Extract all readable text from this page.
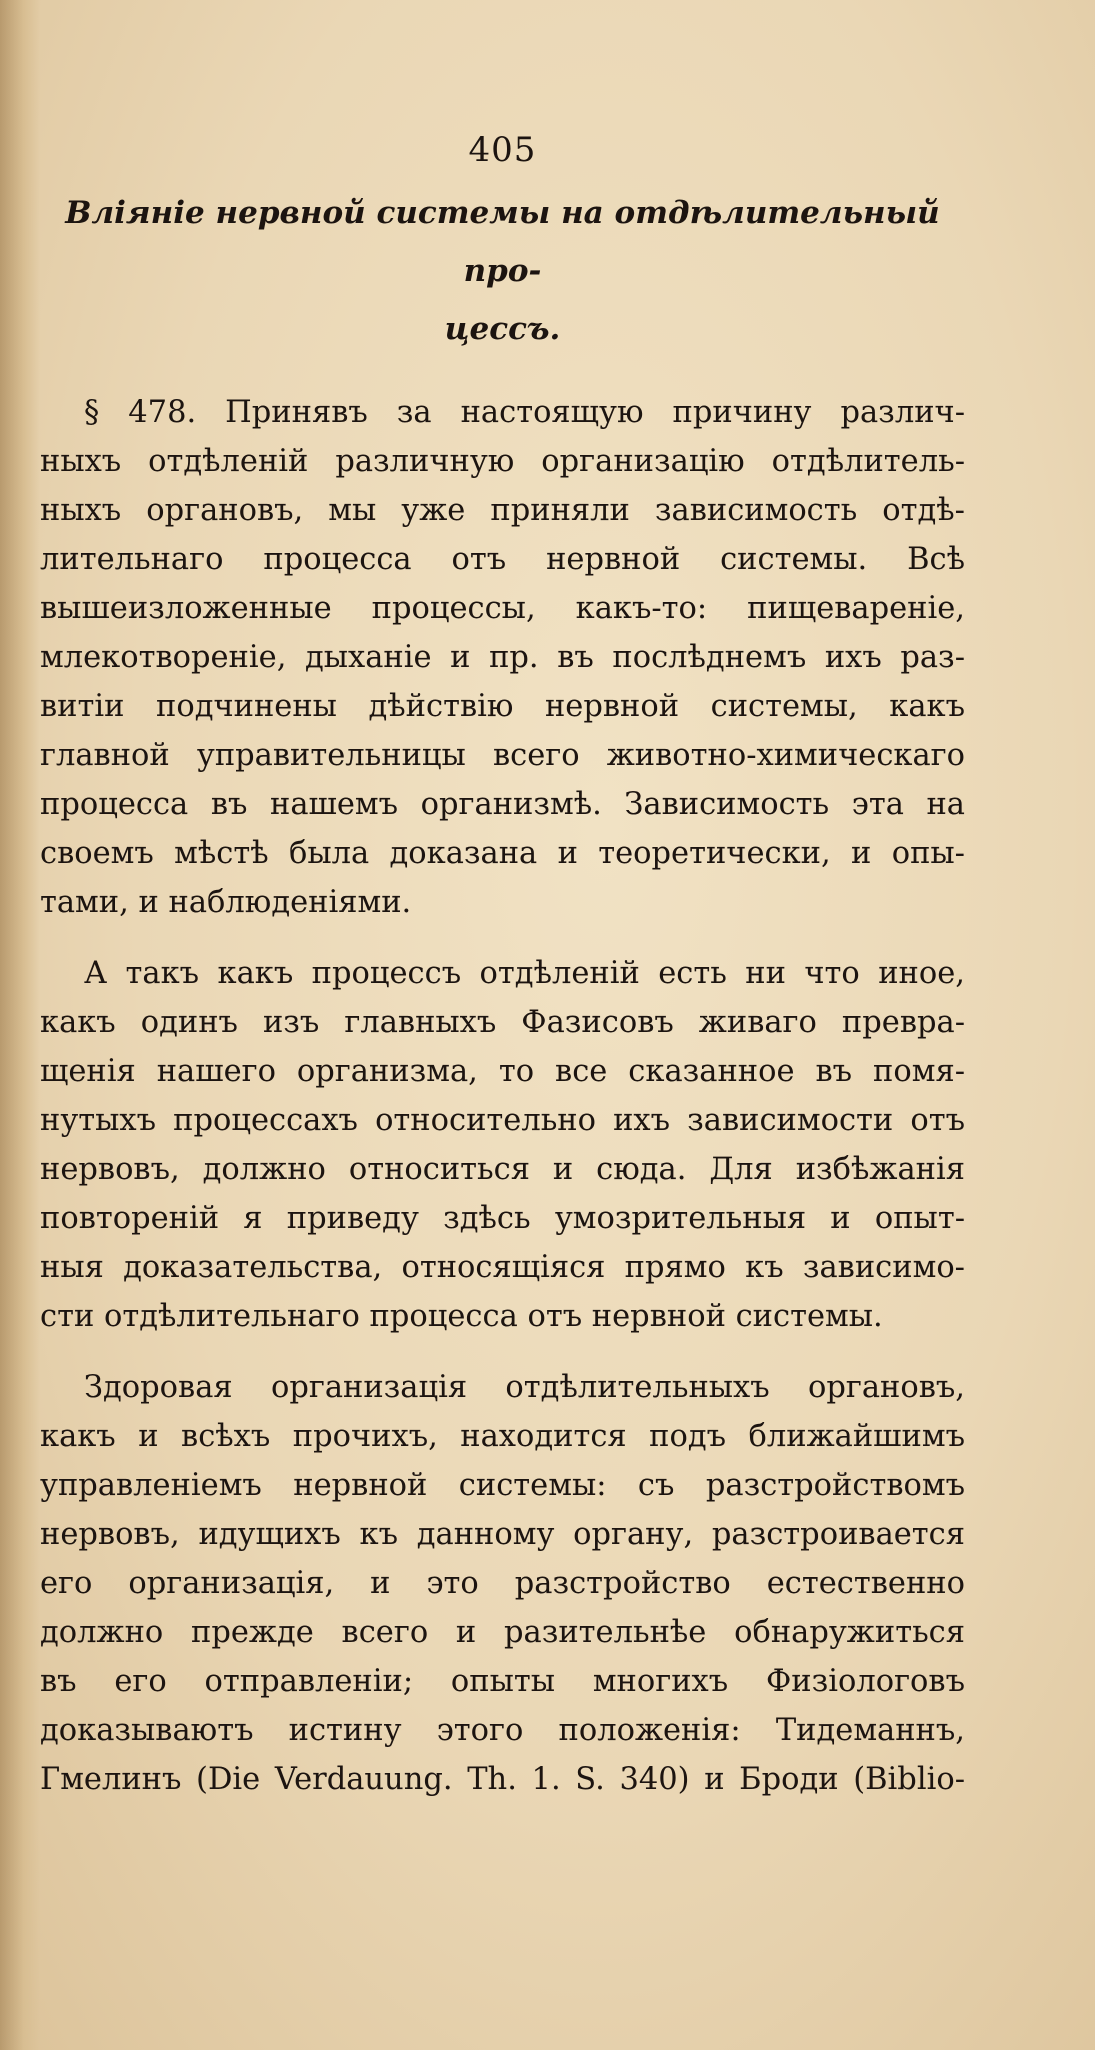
405
Вліяніе нервной системы на отдѣлительный про-
цессъ.
§ 478. Принявъ за настоящую причину различ-
ныхъ отдѣленій различную организацію отдѣлитель-
ныхъ органовъ, мы уже приняли зависимость отдѣ-
лительнаго процесса отъ нервной системы. Всѣ
вышеизложенные процессы, какъ-то: пищевареніе,
млекотвореніе, дыханіе и пр. въ послѣднемъ ихъ раз-
витіи подчинены дѣйствію нервной системы, какъ
главной управительницы всего животно-химическаго
процесса въ нашемъ организмѣ. Зависимость эта на
своемъ мѣстѣ была доказана и теоретически, и опы-
тами, и наблюденіями.
А такъ какъ процессъ отдѣленій есть ни что иное,
какъ одинъ изъ главныхъ Фазисовъ живаго превра-
щенія нашего организма, то все сказанное въ помя-
нутыхъ процессахъ относительно ихъ зависимости отъ
нервовъ, должно относиться и сюда. Для избѣжанія
повтореній я приведу здѣсь умозрительныя и опыт-
ныя доказательства, относящіяся прямо къ зависимо-
сти отдѣлительнаго процесса отъ нервной системы.
Здоровая организація отдѣлительныхъ органовъ,
какъ и всѣхъ прочихъ, находится подъ ближайшимъ
управленіемъ нервной системы: съ разстройствомъ
нервовъ, идущихъ къ данному органу, разстроивается
его организація, и это разстройство естественно
должно прежде всего и разительнѣе обнаружиться
въ его отправленіи; опыты многихъ Физіологовъ
доказываютъ истину этого положенія: Тидеманнъ,
Гмелинъ (Die Verdauung. Th. 1. S. 340) и Броди (Biblio-
